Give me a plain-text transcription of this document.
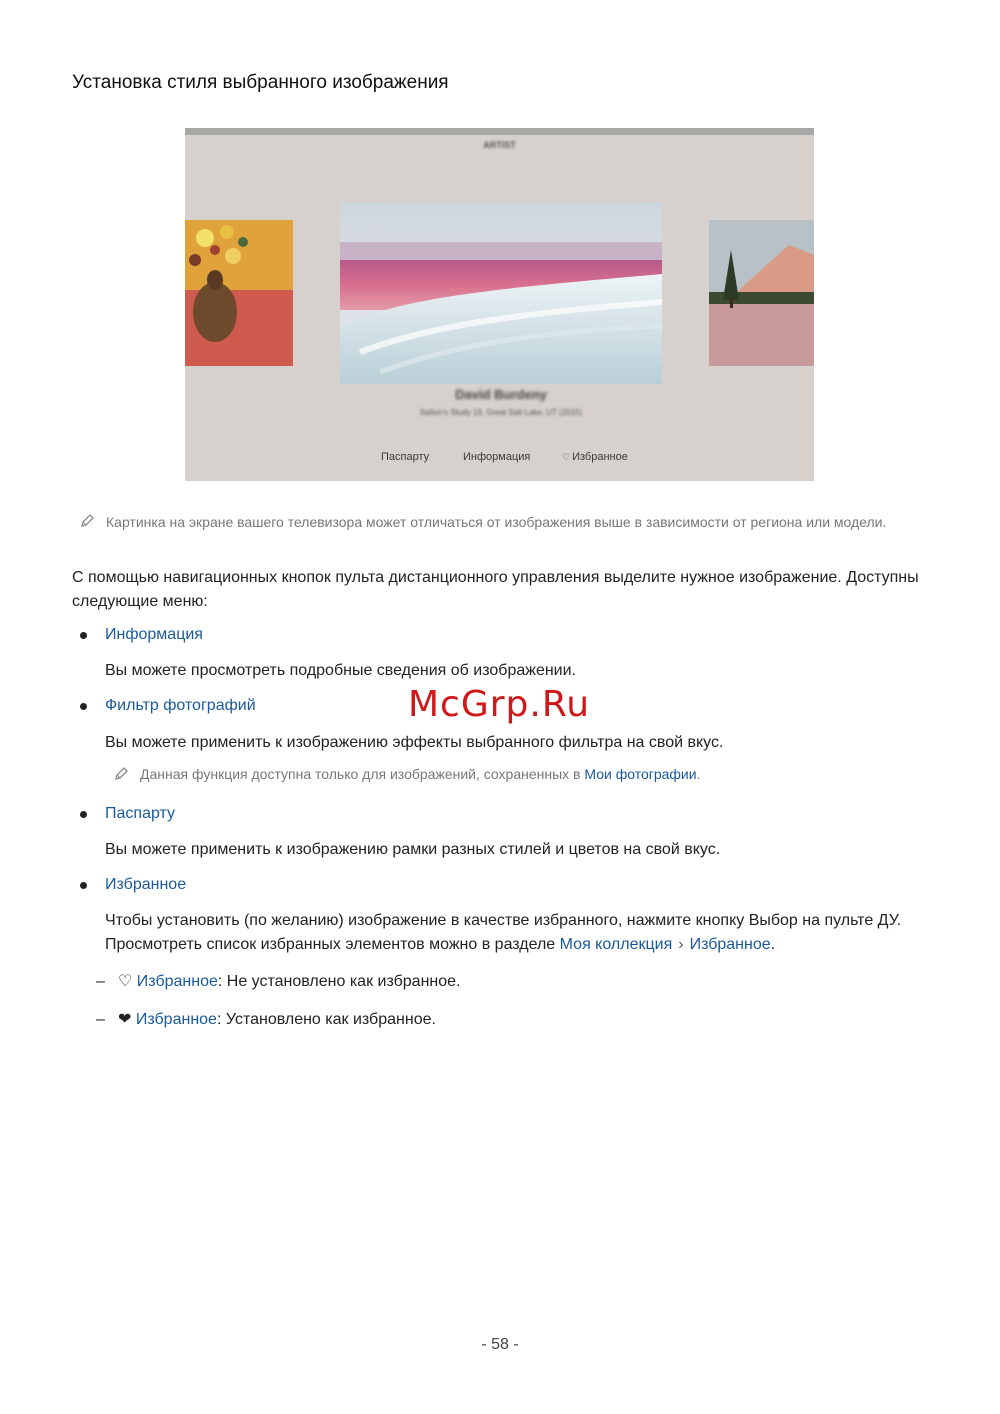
Установка стиля выбранного изображения
ARTIST
David Burdeny
Salton's Study 19, Great Salt Lake, UT (2015)
Паспарту	Информация	♡ Избранное
Картинка на экране вашего телевизора может отличаться от изображения выше в зависимости от региона или модели.
С помощью навигационных кнопок пульта дистанционного управления выделите нужное изображение. Доступны следующие меню:
Информация
Вы можете просмотреть подробные сведения об изображении.
Фильтр фотографий
Вы можете применить к изображению эффекты выбранного фильтра на свой вкус.
Данная функция доступна только для изображений, сохраненных в Мои фотографии.
Паспарту
Вы можете применить к изображению рамки разных стилей и цветов на свой вкус.
Избранное
Чтобы установить (по желанию) изображение в качестве избранного, нажмите кнопку Выбор на пульте ДУ. Просмотреть список избранных элементов можно в разделе Моя коллекция › Избранное.
– ♡ Избранное: Не установлено как избранное.
– ❤ Избранное: Установлено как избранное.
McGrp.Ru
- 58 -
